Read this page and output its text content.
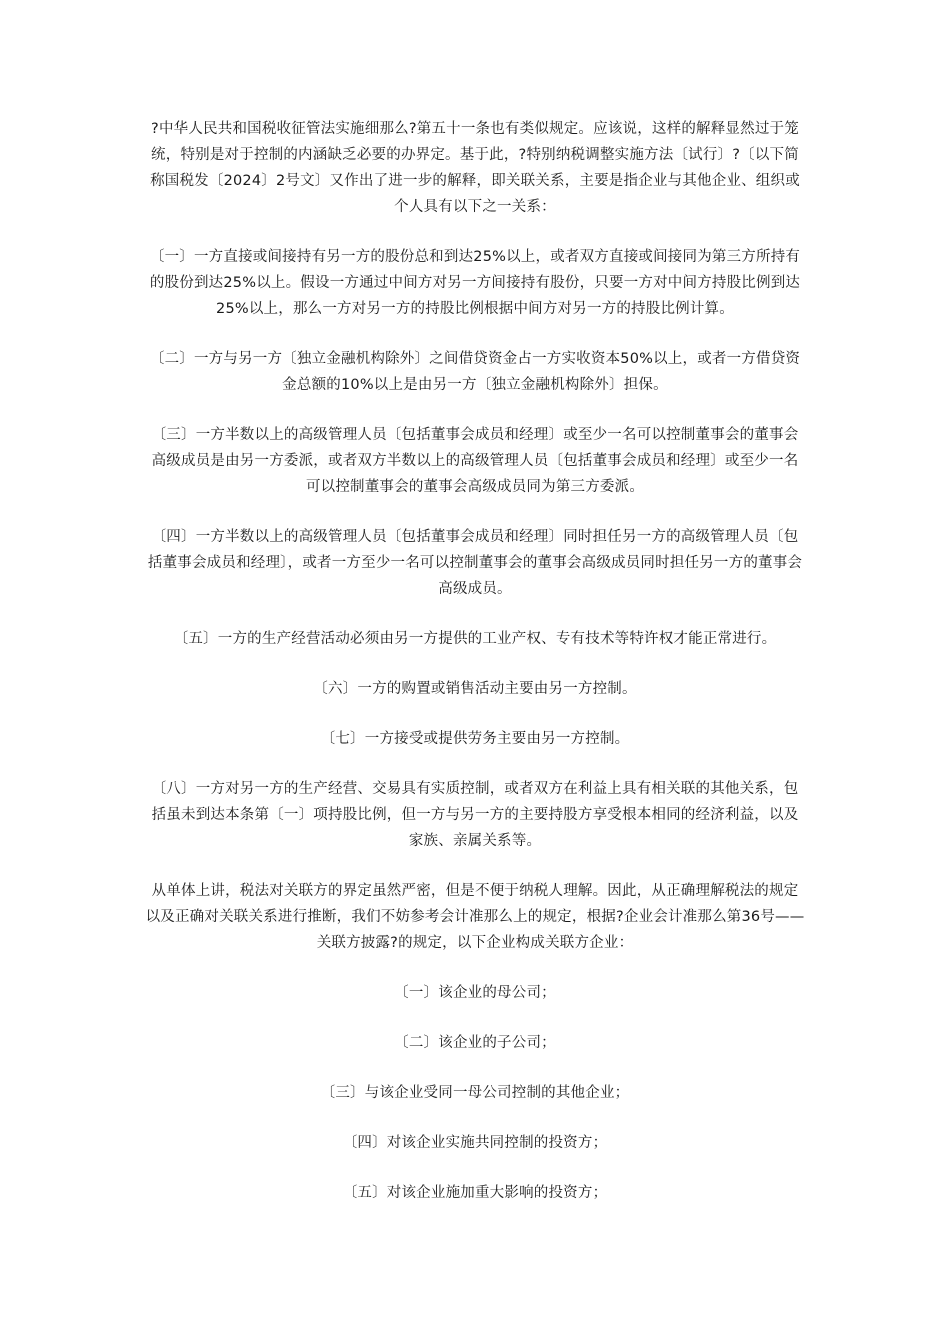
?中华人民共和国税收征管法实施细那么?第五十一条也有类似规定。应该说，这样的解释显然过于笼统，特别是对于控制的内涵缺乏必要的办界定。基于此，?特别纳税调整实施方法〔试行〕?〔以下简称国税发〔2024〕2号文〕又作出了进一步的解释，即关联关系，主要是指企业与其他企业、组织或个人具有以下之一关系：

〔一〕一方直接或间接持有另一方的股份总和到达25%以上，或者双方直接或间接同为第三方所持有的股份到达25%以上。假设一方通过中间方对另一方间接持有股份，只要一方对中间方持股比例到达25%以上，那么一方对另一方的持股比例根据中间方对另一方的持股比例计算。

〔二〕一方与另一方〔独立金融机构除外〕之间借贷资金占一方实收资本50%以上，或者一方借贷资金总额的10%以上是由另一方〔独立金融机构除外〕担保。

〔三〕一方半数以上的高级管理人员〔包括董事会成员和经理〕或至少一名可以控制董事会的董事会高级成员是由另一方委派，或者双方半数以上的高级管理人员〔包括董事会成员和经理〕或至少一名可以控制董事会的董事会高级成员同为第三方委派。

〔四〕一方半数以上的高级管理人员〔包括董事会成员和经理〕同时担任另一方的高级管理人员〔包括董事会成员和经理〕，或者一方至少一名可以控制董事会的董事会高级成员同时担任另一方的董事会高级成员。

〔五〕一方的生产经营活动必须由另一方提供的工业产权、专有技术等特许权才能正常进行。

〔六〕一方的购置或销售活动主要由另一方控制。

〔七〕一方接受或提供劳务主要由另一方控制。

〔八〕一方对另一方的生产经营、交易具有实质控制，或者双方在利益上具有相关联的其他关系，包括虽未到达本条第〔一〕项持股比例，但一方与另一方的主要持股方享受根本相同的经济利益，以及家族、亲属关系等。

从单体上讲，税法对关联方的界定虽然严密，但是不便于纳税人理解。因此，从正确理解税法的规定以及正确对关联关系进行推断，我们不妨参考会计准那么上的规定，根据?企业会计准那么第36号——关联方披露?的规定，以下企业构成关联方企业：

〔一〕该企业的母公司；

〔二〕该企业的子公司；

〔三〕与该企业受同一母公司控制的其他企业；

〔四〕对该企业实施共同控制的投资方；

〔五〕对该企业施加重大影响的投资方；
